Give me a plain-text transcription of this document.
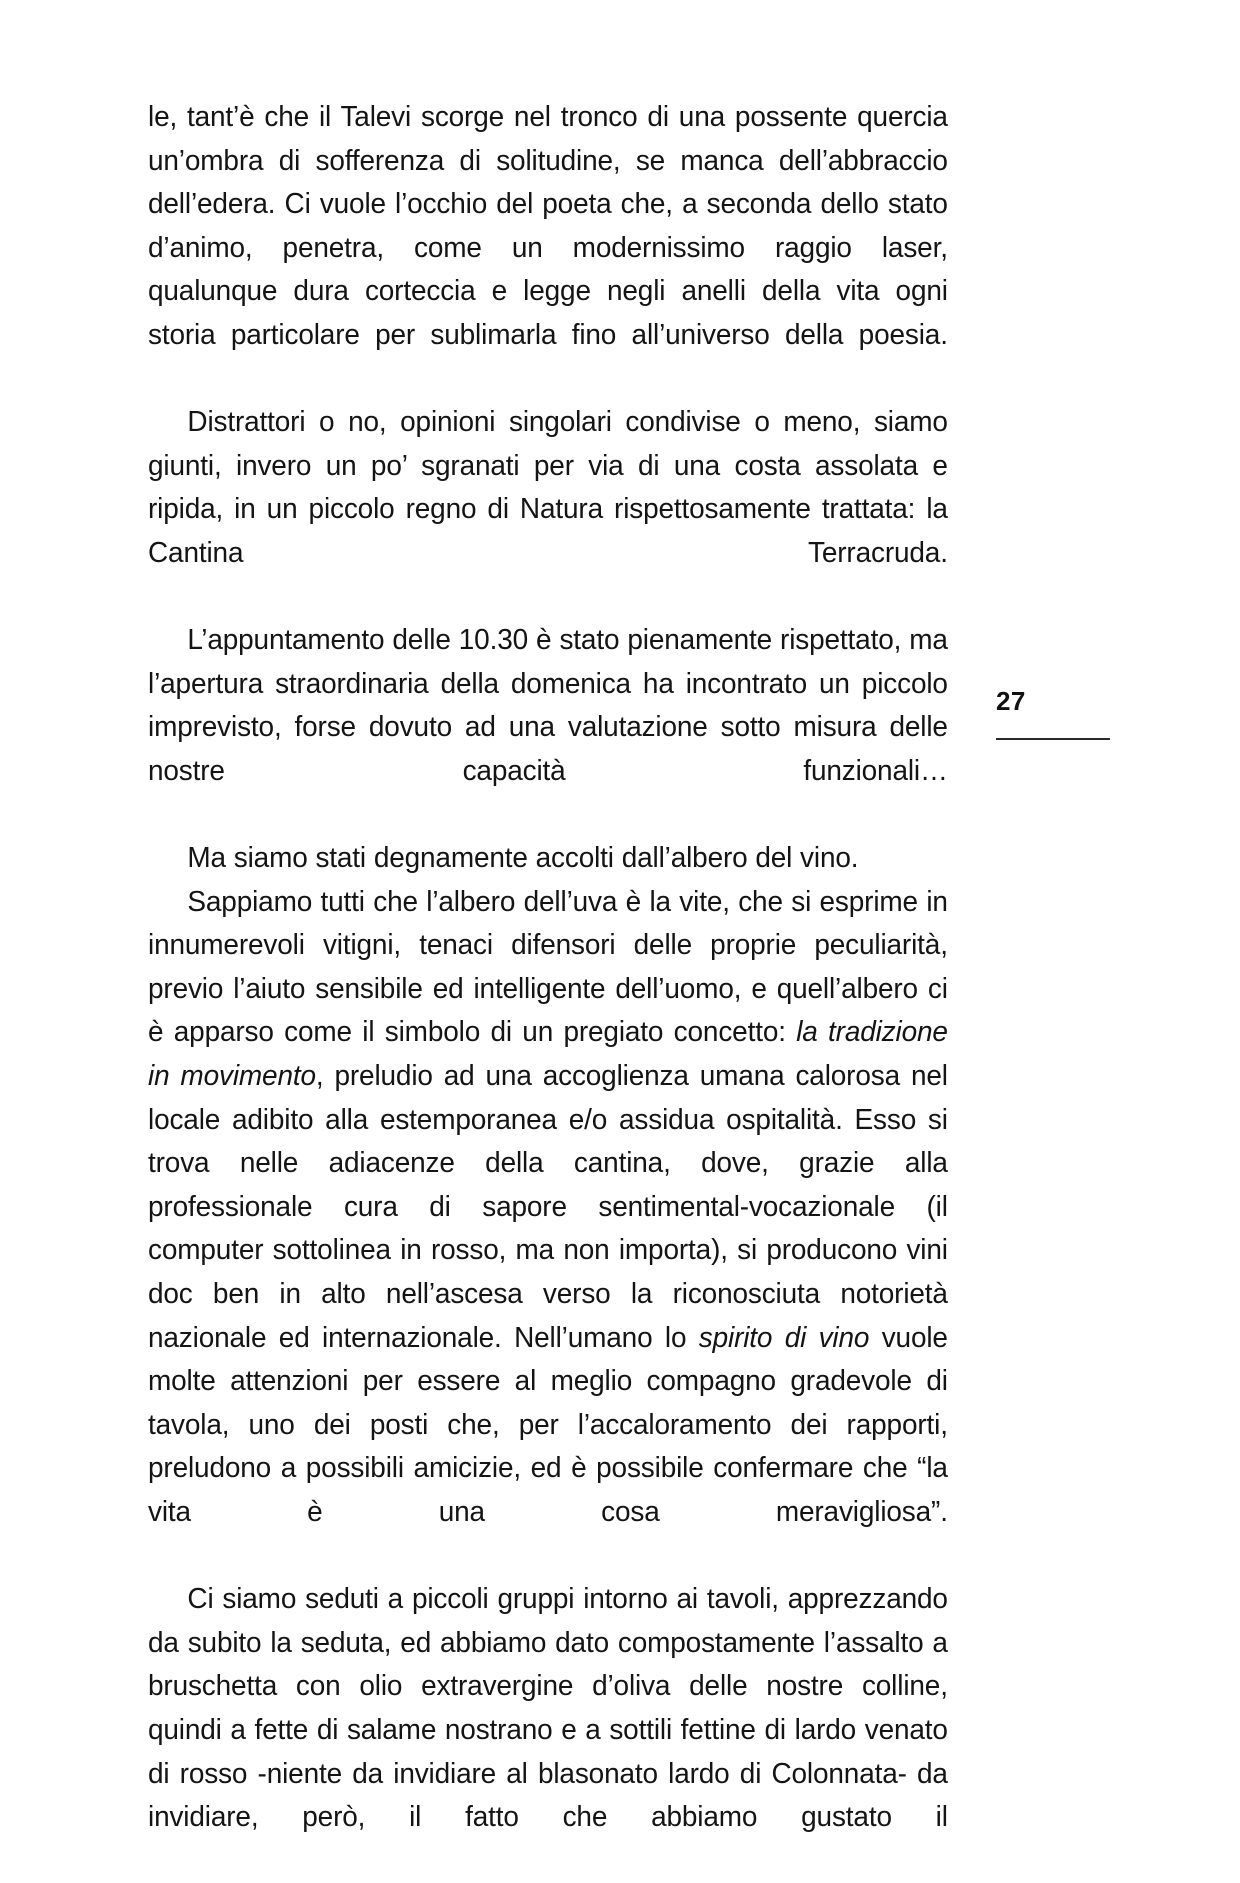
le, tant’è che il Talevi scorge nel tronco di una possente quercia un’ombra di sofferenza di solitudine, se manca dell’abbraccio dell’edera. Ci vuole l’occhio del poeta che, a seconda dello stato d’animo, penetra, come un modernissimo raggio laser, qualunque dura corteccia e legge negli anelli della vita ogni storia particolare per sublimarla fino all’universo della poesia.

Distrattori o no, opinioni singolari condivise o meno, siamo giunti, invero un po’ sgranati per via di una costa assolata e ripida, in un piccolo regno di Natura rispettosamente trattata: la Cantina Terracruda.

L’appuntamento delle 10.30 è stato pienamente rispettato, ma l’apertura straordinaria della domenica ha incontrato un piccolo imprevisto, forse dovuto ad una valutazione sotto misura delle nostre capacità funzionali…

Ma siamo stati degnamente accolti dall’albero del vino.

Sappiamo tutti che l’albero dell’uva è la vite, che si esprime in innumerevoli vitigni, tenaci difensori delle proprie peculiarità, previo l’aiuto sensibile ed intelligente dell’uomo, e quell’albero ci è apparso come il simbolo di un pregiato concetto: la tradizione in movimento, preludio ad una accoglienza umana calorosa nel locale adibito alla estemporanea e/o assidua ospitalità. Esso si trova nelle adiacenze della cantina, dove, grazie alla professionale cura di sapore sentimental-vocazionale (il computer sottolinea in rosso, ma non importa), si producono vini doc ben in alto nell’ascesa verso la riconosciuta notorietà nazionale ed internazionale. Nell’umano lo spirito di vino vuole molte attenzioni per essere al meglio compagno gradevole di tavola, uno dei posti che, per l’accaloramento dei rapporti, preludono a possibili amicizie, ed è possibile confermare che “la vita è una cosa meravigliosa”.

Ci siamo seduti a piccoli gruppi intorno ai tavoli, apprezzando da subito la seduta, ed abbiamo dato compostamente l’assalto a bruschetta con olio extravergine d’oliva delle nostre colline, quindi a fette di salame nostrano e a sottili fettine di lardo venato di rosso -niente da invidiare al blasonato lardo di Colonnata- da invidiare, però, il fatto che abbiamo gustato il

27
